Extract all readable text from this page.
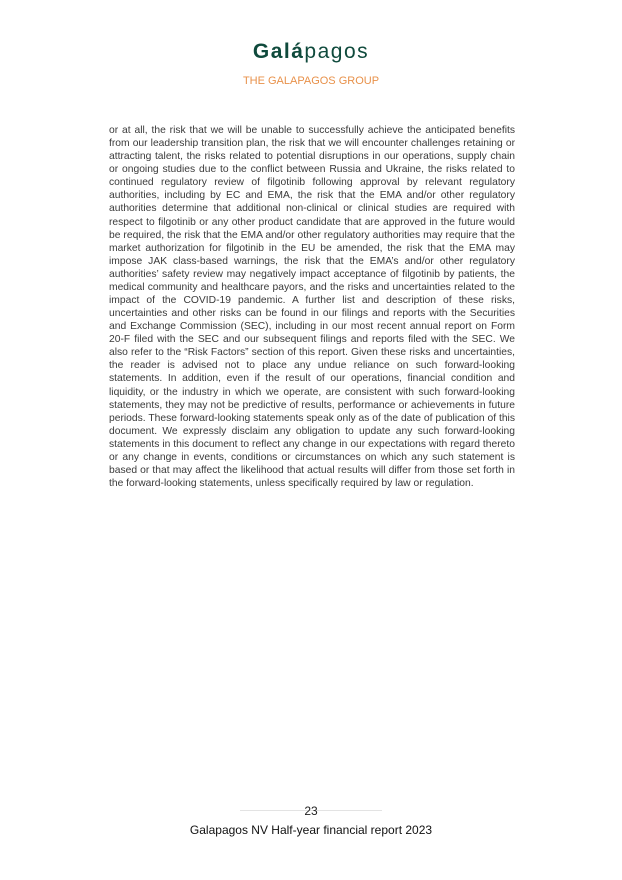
Galápagos
THE GALAPAGOS GROUP

or at all, the risk that we will be unable to successfully achieve the anticipated benefits from our leadership transition plan, the risk that we will encounter challenges retaining or attracting talent, the risks related to potential disruptions in our operations, supply chain or ongoing studies due to the conflict between Russia and Ukraine, the risks related to continued regulatory review of filgotinib following approval by relevant regulatory authorities, including by EC and EMA, the risk that the EMA and/or other regulatory authorities determine that additional non-clinical or clinical studies are required with respect to filgotinib or any other product candidate that are approved in the future would be required, the risk that the EMA and/or other regulatory authorities may require that the market authorization for filgotinib in the EU be amended, the risk that the EMA may impose JAK class-based warnings, the risk that the EMA’s and/or other regulatory authorities’ safety review may negatively impact acceptance of filgotinib by patients, the medical community and healthcare payors, and the risks and uncertainties related to the impact of the COVID-19 pandemic. A further list and description of these risks, uncertainties and other risks can be found in our filings and reports with the Securities and Exchange Commission (SEC), including in our most recent annual report on Form 20-F filed with the SEC and our subsequent filings and reports filed with the SEC. We also refer to the “Risk Factors” section of this report. Given these risks and uncertainties, the reader is advised not to place any undue reliance on such forward-looking statements. In addition, even if the result of our operations, financial condition and liquidity, or the industry in which we operate, are consistent with such forward-looking statements, they may not be predictive of results, performance or achievements in future periods. These forward-looking statements speak only as of the date of publication of this document. We expressly disclaim any obligation to update any such forward-looking statements in this document to reflect any change in our expectations with regard thereto or any change in events, conditions or circumstances on which any such statement is based or that may affect the likelihood that actual results will differ from those set forth in the forward-looking statements, unless specifically required by law or regulation.

23
Galapagos NV Half-year financial report 2023
